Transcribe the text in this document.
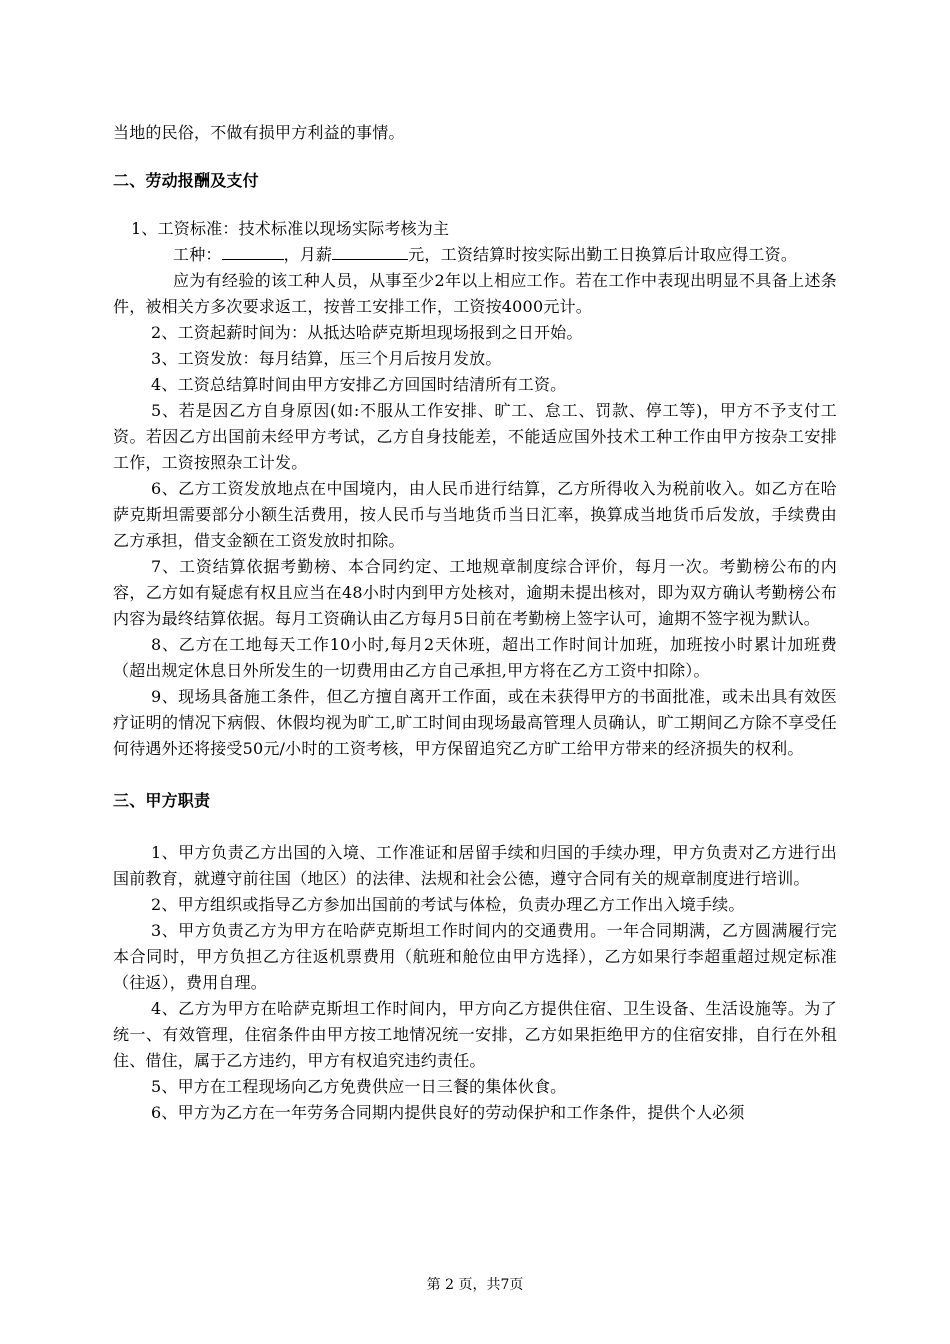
当地的民俗，不做有损甲方利益的事情。

二、劳动报酬及支付

1、工资标准：技术标准以现场实际考核为主

工种：	，月薪	元，工资结算时按实际出勤工日换算后计取应得工资。

应为有经验的该工种人员，从事至少2年以上相应工作。若在工作中表现出明显不具备上述条件，被相关方多次要求返工，按普工安排工作，工资按4000元计。

2、工资起薪时间为：从抵达哈萨克斯坦现场报到之日开始。

3、工资发放：每月结算，压三个月后按月发放。

4、工资总结算时间由甲方安排乙方回国时结清所有工资。

5、若是因乙方自身原因(如:不服从工作安排、旷工、怠工、罚款、停工等)，甲方不予支付工资。若因乙方出国前未经甲方考试，乙方自身技能差，不能适应国外技术工种工作由甲方按杂工安排工作，工资按照杂工计发。

6、乙方工资发放地点在中国境内，由人民币进行结算，乙方所得收入为税前收入。如乙方在哈萨克斯坦需要部分小额生活费用，按人民币与当地货币当日汇率，换算成当地货币后发放，手续费由乙方承担，借支金额在工资发放时扣除。

7、工资结算依据考勤榜、本合同约定、工地规章制度综合评价，每月一次。考勤榜公布的内容，乙方如有疑虑有权且应当在48小时内到甲方处核对，逾期未提出核对，即为双方确认考勤榜公布内容为最终结算依据。每月工资确认由乙方每月5日前在考勤榜上签字认可，逾期不签字视为默认。

8、乙方在工地每天工作10小时,每月2天休班，超出工作时间计加班，加班按小时累计加班费（超出规定休息日外所发生的一切费用由乙方自己承担,甲方将在乙方工资中扣除）。

9、现场具备施工条件，但乙方擅自离开工作面，或在未获得甲方的书面批准，或未出具有效医疗证明的情况下病假、休假均视为旷工,旷工时间由现场最高管理人员确认，旷工期间乙方除不享受任何待遇外还将接受50元/小时的工资考核，甲方保留追究乙方旷工给甲方带来的经济损失的权利。

三、甲方职责

1、甲方负责乙方出国的入境、工作准证和居留手续和归国的手续办理，甲方负责对乙方进行出国前教育，就遵守前往国（地区）的法律、法规和社会公德，遵守合同有关的规章制度进行培训。

2、甲方组织或指导乙方参加出国前的考试与体检，负责办理乙方工作出入境手续。

3、甲方负责乙方为甲方在哈萨克斯坦工作时间内的交通费用。一年合同期满，乙方圆满履行完本合同时，甲方负担乙方往返机票费用（航班和舱位由甲方选择），乙方如果行李超重超过规定标准（往返），费用自理。

4、乙方为甲方在哈萨克斯坦工作时间内，甲方向乙方提供住宿、卫生设备、生活设施等。为了统一、有效管理，住宿条件由甲方按工地情况统一安排，乙方如果拒绝甲方的住宿安排，自行在外租住、借住，属于乙方违约，甲方有权追究违约责任。

5、甲方在工程现场向乙方免费供应一日三餐的集体伙食。

6、甲方为乙方在一年劳务合同期内提供良好的劳动保护和工作条件，提供个人必须

第 2 页，共7页
